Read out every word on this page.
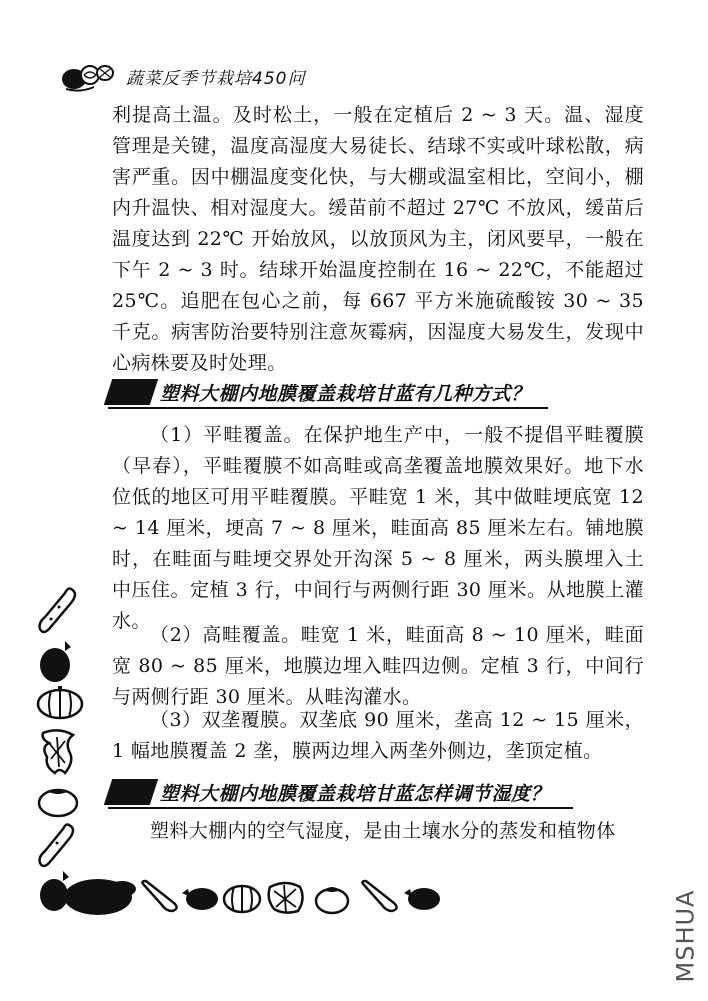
蔬菜反季节栽培450问

利提高土温。及时松土，一般在定植后 2 ~ 3 天。温、湿度管理是关键，温度高湿度大易徒长、结球不实或叶球松散，病害严重。因中棚温度变化快，与大棚或温室相比，空间小，棚内升温快、相对湿度大。缓苗前不超过 27℃ 不放风，缓苗后温度达到 22℃ 开始放风，以放顶风为主，闭风要早，一般在下午 2 ~ 3 时。结球开始温度控制在 16 ~ 22℃，不能超过 25℃。追肥在包心之前，每 667 平方米施硫酸铵 30 ~ 35 千克。病害防治要特别注意灰霉病，因湿度大易发生，发现中心病株要及时处理。

塑料大棚内地膜覆盖栽培甘蓝有几种方式？

（1）平畦覆盖。在保护地生产中，一般不提倡平畦覆膜（早春），平畦覆膜不如高畦或高垄覆盖地膜效果好。地下水位低的地区可用平畦覆膜。平畦宽 1 米，其中做畦埂底宽 12 ~ 14 厘米，埂高 7 ~ 8 厘米，畦面高 85 厘米左右。铺地膜时，在畦面与畦埂交界处开沟深 5 ~ 8 厘米，两头膜埋入土中压住。定植 3 行，中间行与两侧行距 30 厘米。从地膜上灌水。

（2）高畦覆盖。畦宽 1 米，畦面高 8 ~ 10 厘米，畦面宽 80 ~ 85 厘米，地膜边埋入畦四边侧。定植 3 行，中间行与两侧行距 30 厘米。从畦沟灌水。

（3）双垄覆膜。双垄底 90 厘米，垄高 12 ~ 15 厘米，1 幅地膜覆盖 2 垄，膜两边埋入两垄外侧边，垄顶定植。

塑料大棚内地膜覆盖栽培甘蓝怎样调节湿度？

塑料大棚内的空气湿度，是由土壤水分的蒸发和植物体

MSHUA
